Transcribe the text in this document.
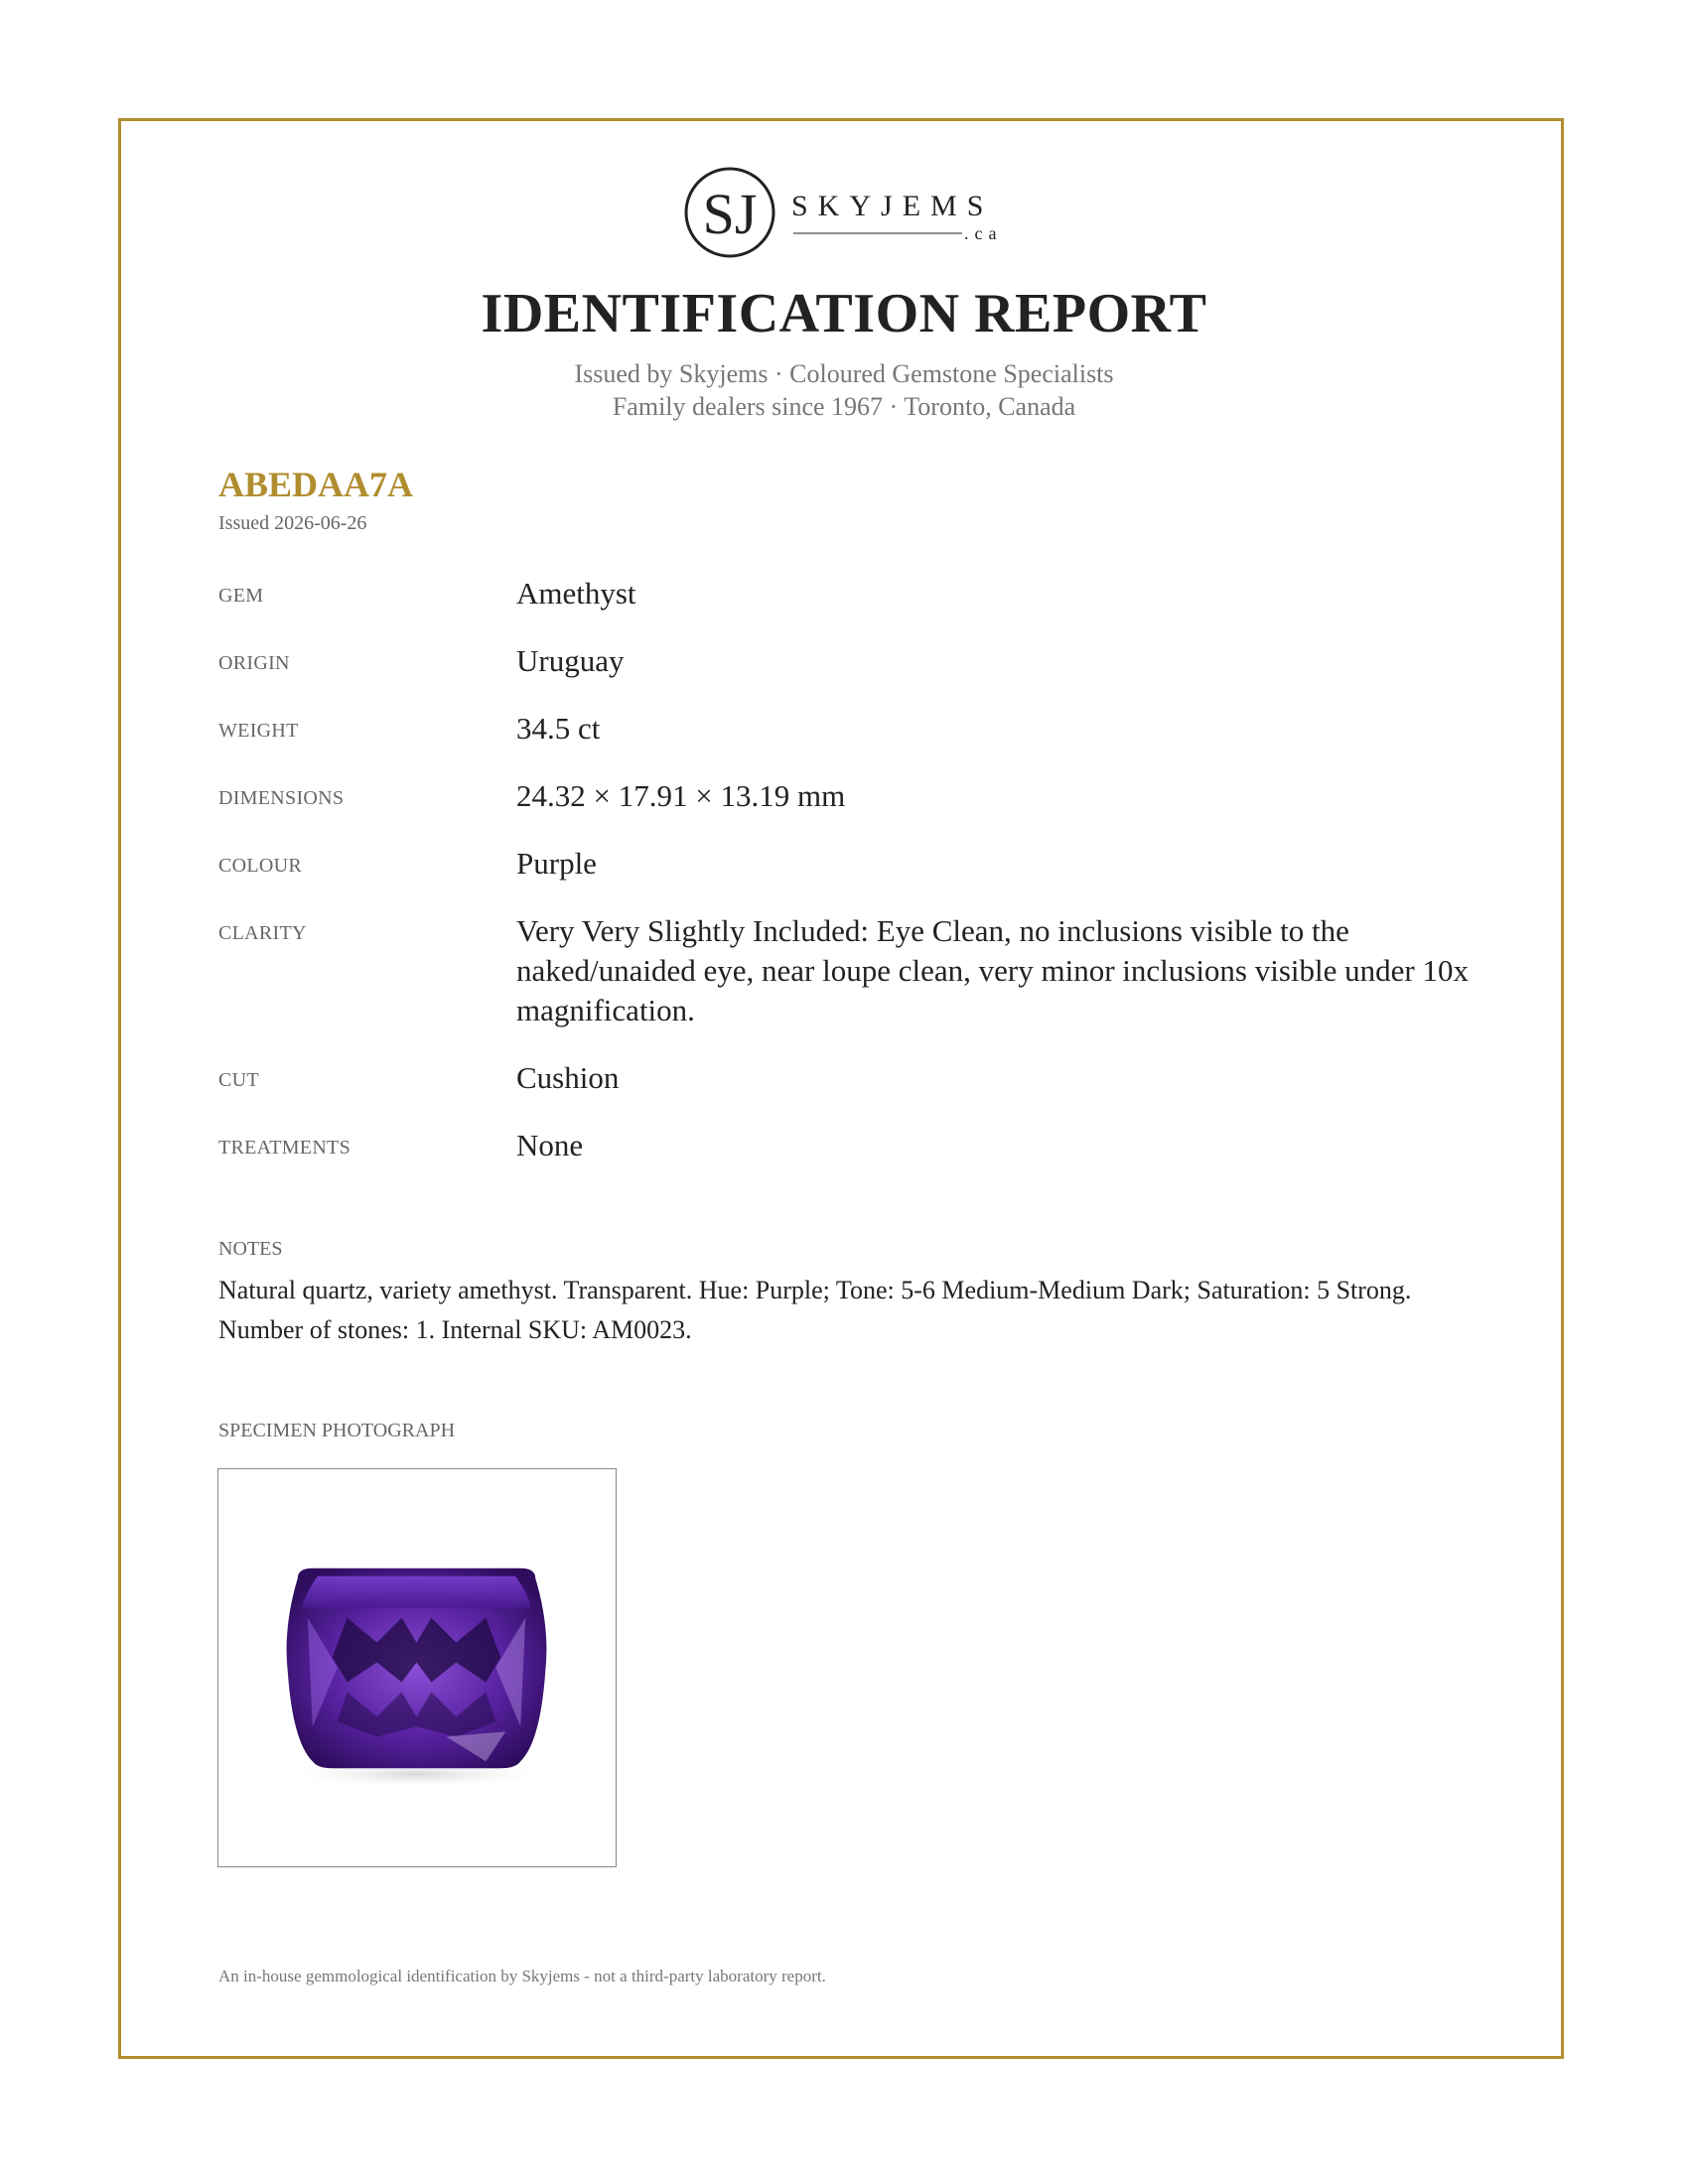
SJ SKYJEMS
.ca
IDENTIFICATION REPORT
Issued by Skyjems · Coloured Gemstone Specialists
Family dealers since 1967 · Toronto, Canada
ABEDAA7A
Issued 2026-06-26
GEM	Amethyst
ORIGIN	Uruguay
WEIGHT	34.5 ct
DIMENSIONS	24.32 × 17.91 × 13.19 mm
COLOUR	Purple
CLARITY	Very Very Slightly Included: Eye Clean, no inclusions visible to the naked/unaided eye, near loupe clean, very minor inclusions visible under 10x magnification.
CUT	Cushion
TREATMENTS	None
NOTES
Natural quartz, variety amethyst. Transparent. Hue: Purple; Tone: 5-6 Medium-Medium Dark; Saturation: 5 Strong. Number of stones: 1. Internal SKU: AM0023.
SPECIMEN PHOTOGRAPH
An in-house gemmological identification by Skyjems - not a third-party laboratory report.
